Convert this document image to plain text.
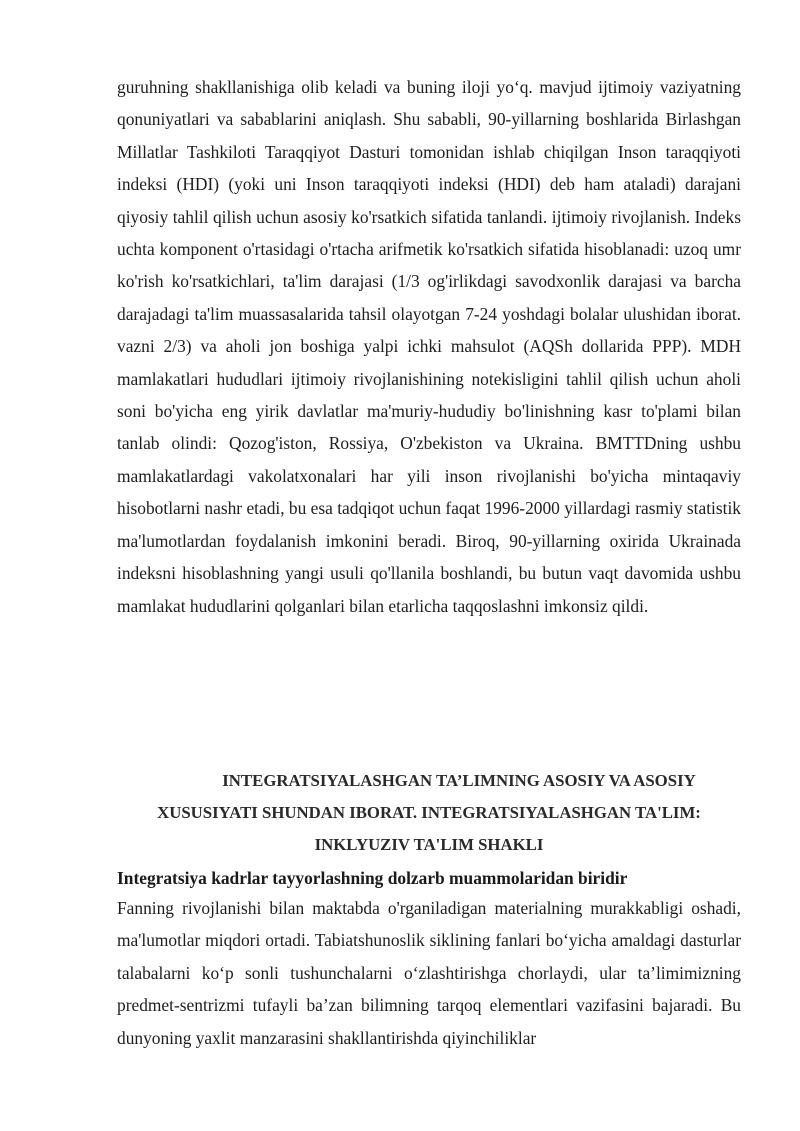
guruhning shakllanishiga olib keladi va buning iloji yo‘q. mavjud ijtimoiy vaziyatning qonuniyatlari va sabablarini aniqlash. Shu sababli, 90-yillarning boshlarida Birlashgan Millatlar Tashkiloti Taraqqiyot Dasturi tomonidan ishlab chiqilgan Inson taraqqiyoti indeksi (HDI) (yoki uni Inson taraqqiyoti indeksi (HDI) deb ham ataladi) darajani qiyosiy tahlil qilish uchun asosiy ko'rsatkich sifatida tanlandi. ijtimoiy rivojlanish. Indeks uchta komponent o'rtasidagi o'rtacha arifmetik ko'rsatkich sifatida hisoblanadi: uzoq umr ko'rish ko'rsatkichlari, ta'lim darajasi (1/3 og'irlikdagi savodxonlik darajasi va barcha darajadagi ta'lim muassasalarida tahsil olayotgan 7-24 yoshdagi bolalar ulushidan iborat. vazni 2/3) va aholi jon boshiga yalpi ichki mahsulot (AQSh dollarida PPP). MDH mamlakatlari hududlari ijtimoiy rivojlanishining notekisligini tahlil qilish uchun aholi soni bo'yicha eng yirik davlatlar ma'muriy-hududiy bo'linishning kasr to'plami bilan tanlab olindi: Qozog'iston, Rossiya, O'zbekiston va Ukraina. BMTTDning ushbu mamlakatlardagi vakolatxonalari har yili inson rivojlanishi bo'yicha mintaqaviy hisobotlarni nashr etadi, bu esa tadqiqot uchun faqat 1996-2000 yillardagi rasmiy statistik ma'lumotlardan foydalanish imkonini beradi. Biroq, 90-yillarning oxirida Ukrainada indeksni hisoblashning yangi usuli qo'llanila boshlandi, bu butun vaqt davomida ushbu mamlakat hududlarini qolganlari bilan etarlicha taqqoslashni imkonsiz qildi.

INTEGRATSIYALASHGAN TA’LIMNING ASOSIY VA ASOSIY
XUSUSIYATI SHUNDAN IBORAT. INTEGRATSIYALASHGAN TA'LIM:
INKLYUZIV TA'LIM SHAKLI

Integratsiya kadrlar tayyorlashning dolzarb muammolaridan biridir

Fanning rivojlanishi bilan maktabda o'rganiladigan materialning murakkabligi oshadi, ma'lumotlar miqdori ortadi. Tabiatshunoslik siklining fanlari bo‘yicha amaldagi dasturlar talabalarni ko‘p sonli tushunchalarni o‘zlashtirishga chorlaydi, ular ta’limimizning predmet-sentrizmi tufayli ba’zan bilimning tarqoq elementlari vazifasini bajaradi. Bu dunyoning yaxlit manzarasini shakllantirishda qiyinchiliklar
